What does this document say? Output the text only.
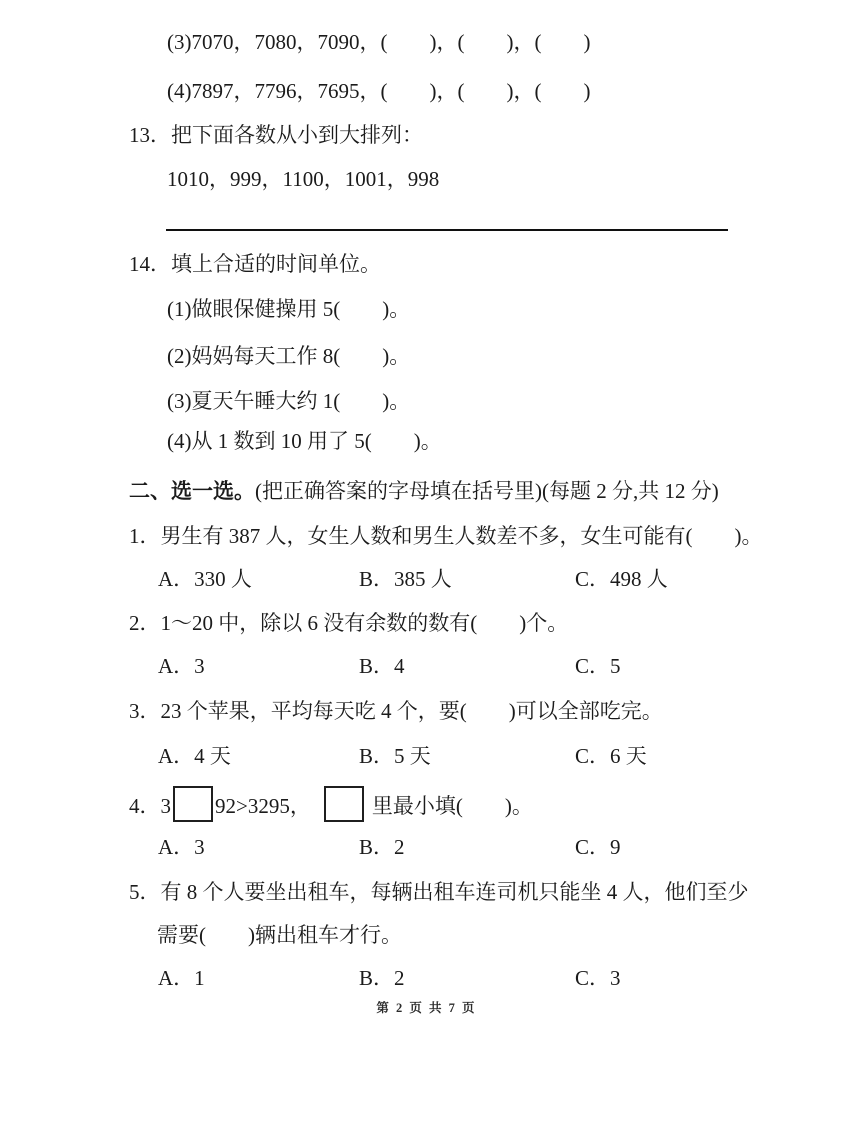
(3)7070，7080，7090，(　　)，(　　)，(　　)
(4)7897，7796，7695，(　　)，(　　)，(　　)
13．把下面各数从小到大排列：
1010，999，1100，1001，998
14．填上合适的时间单位。
(1)做眼保健操用 5(　　)。
(2)妈妈每天工作 8(　　)。
(3)夏天午睡大约 1(　　)。
(4)从 1 数到 10 用了 5(　　)。
二、选一选。(把正确答案的字母填在括号里)(每题 2 分,共 12 分)
1．男生有 387 人，女生人数和男生人数差不多，女生可能有(　　)。
A．330 人	B．385 人	C．498 人
2．1～20 中，除以 6 没有余数的数有(　　)个。
A．3	B．4	C．5
3．23 个苹果，平均每天吃 4 个，要(　　)可以全部吃完。
A．4 天	B．5 天	C．6 天
4．3 92>3295，	里最小填(　　)。
A．3	B．2	C．9
5．有 8 个人要坐出租车，每辆出租车连司机只能坐 4 人，他们至少
需要(　　)辆出租车才行。
A．1	B．2	C．3
第 2 页 共 7 页
